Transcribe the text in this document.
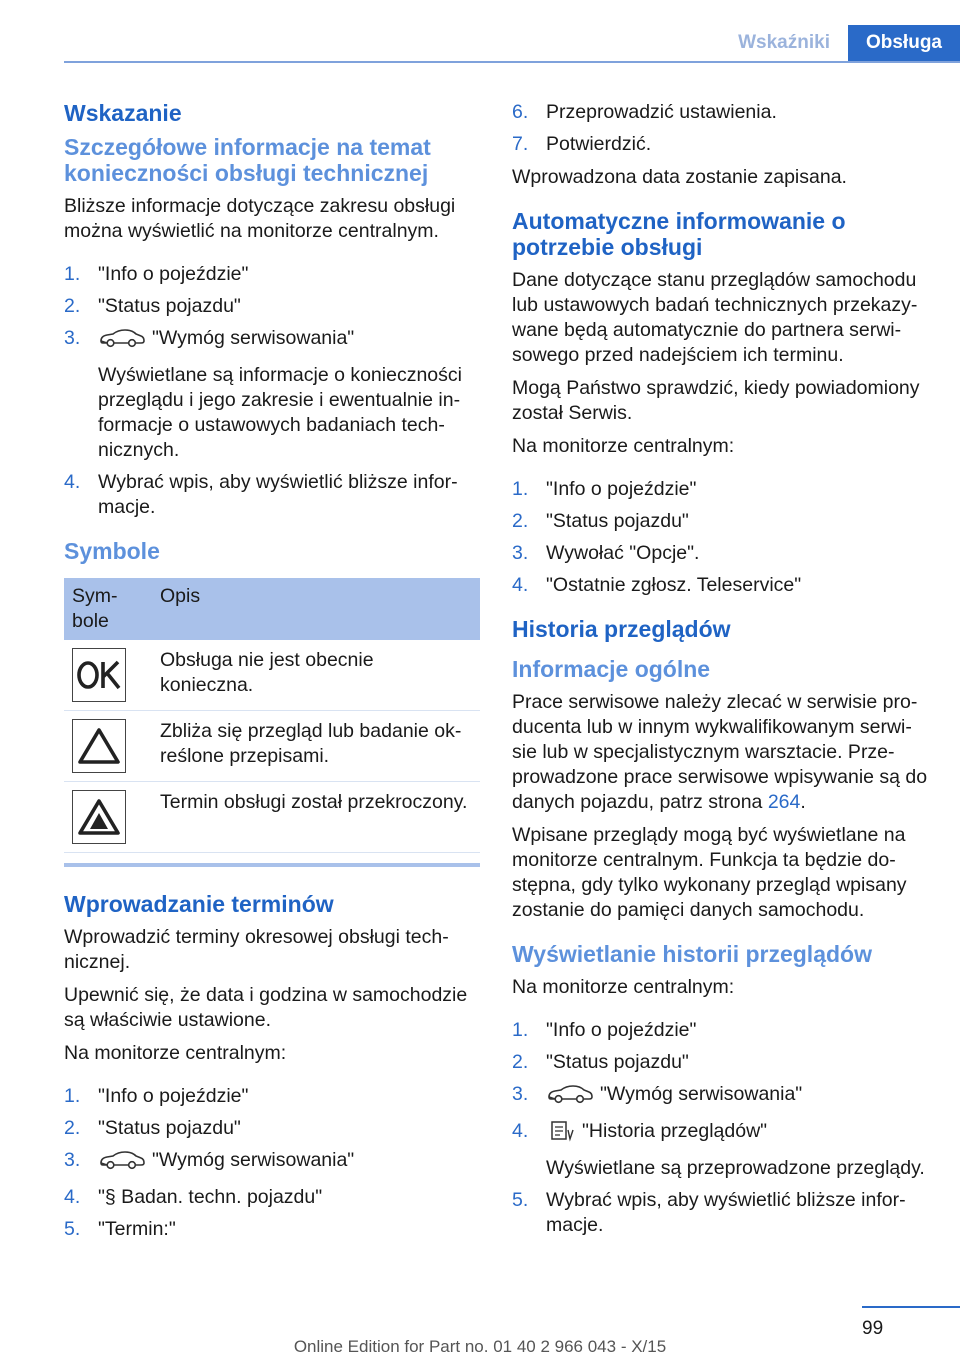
Wskaźniki	Obsługa
Wskazanie
Szczegółowe informacje na temat konieczności obsługi technicznej
Bliższe informacje dotyczące zakresu obsługi można wyświetlić na monitorze centralnym.
1. "Info o pojeździe"
2. "Status pojazdu"
3.	"Wymóg serwisowania"
Wyświetlane są informacje o konieczności przeglądu i jego zakresie i ewentualnie informacje o ustawowych badaniach technicznych.
4. Wybrać wpis, aby wyświetlić bliższe informacje.
Symbole
Symbole	Opis

	Obsługa nie jest obecnie konieczna.

	Zbliża się przegląd lub badanie określone przepisami.

	Termin obsługi został przekroczony.
Wprowadzanie terminów
Wprowadzić terminy okresowej obsługi technicznej.
Upewnić się, że data i godzina w samochodzie są właściwie ustawione.
Na monitorze centralnym:
1. "Info o pojeździe"
2. "Status pojazdu"
3.	"Wymóg serwisowania"
4. "§ Badan. techn. pojazdu"
5. "Termin:"
6. Przeprowadzić ustawienia.
7. Potwierdzić.
Wprowadzona data zostanie zapisana.
Automatyczne informowanie o potrzebie obsługi
Dane dotyczące stanu przeglądów samochodu lub ustawowych badań technicznych przekazywane będą automatycznie do partnera serwisowego przed nadejściem ich terminu.
Mogą Państwo sprawdzić, kiedy powiadomiony został Serwis.
Na monitorze centralnym:
1. "Info o pojeździe"
2. "Status pojazdu"
3. Wywołać "Opcje".
4. "Ostatnie zgłosz. Teleservice"
Historia przeglądów
Informacje ogólne
Prace serwisowe należy zlecać w serwisie producenta lub w innym wykwalifikowanym serwisie lub w specjalistycznym warsztacie. Przeprowadzone prace serwisowe wpisywanie są do danych pojazdu, patrz strona 264.
Wpisane przeglądy mogą być wyświetlane na monitorze centralnym. Funkcja ta będzie dostępna, gdy tylko wykonany przegląd wpisany zostanie do pamięci danych samochodu.
Wyświetlanie historii przeglądów
Na monitorze centralnym:
1. "Info o pojeździe"
2. "Status pojazdu"
3.	"Wymóg serwisowania"
4.	"Historia przeglądów"
Wyświetlane są przeprowadzone przeglądy.
5. Wybrać wpis, aby wyświetlić bliższe informacje.
99
Online Edition for Part no. 01 40 2 966 043 - X/15
